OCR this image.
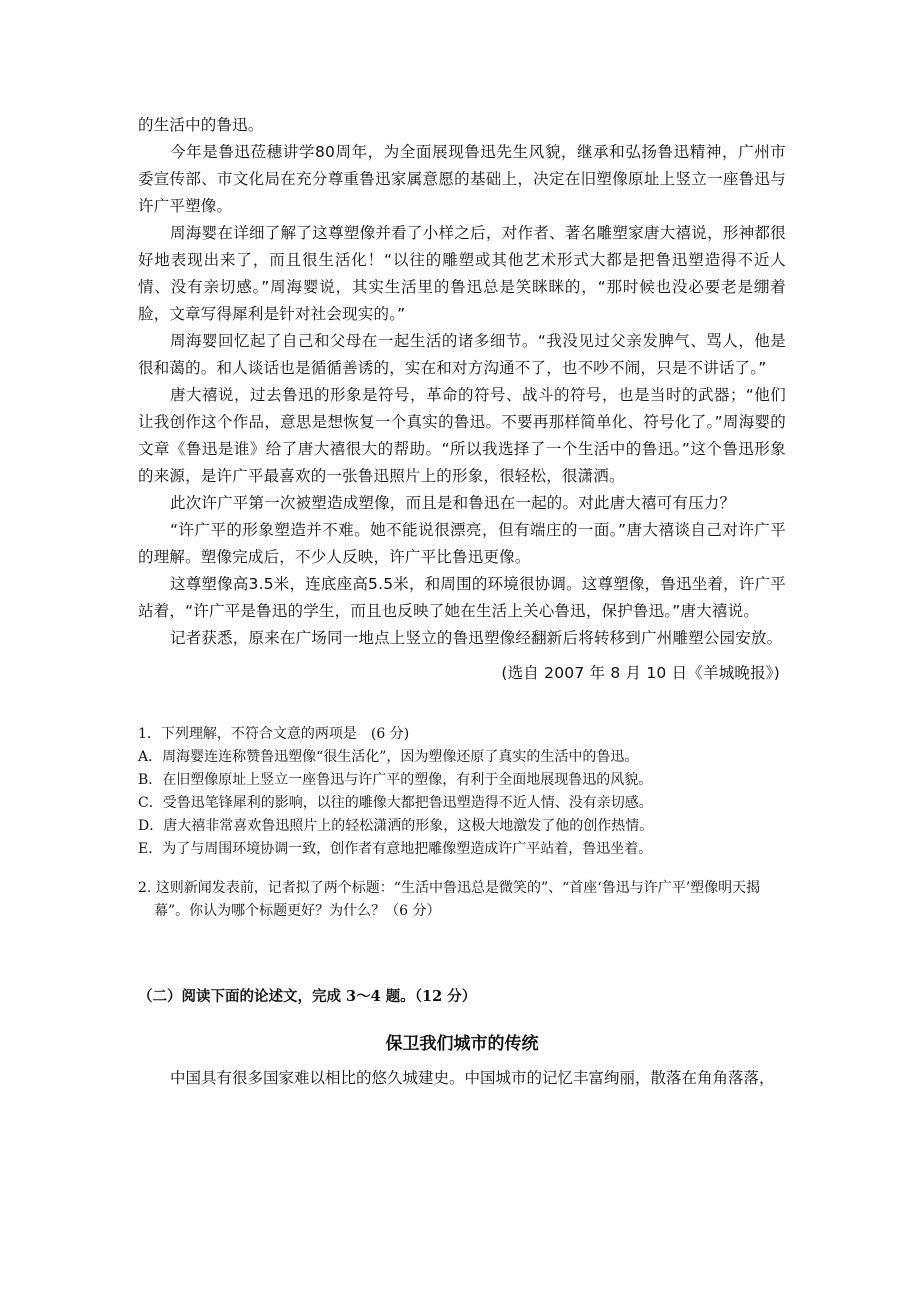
的生活中的鲁迅。

今年是鲁迅莅穗讲学80周年，为全面展现鲁迅先生风貌，继承和弘扬鲁迅精神，广州市委宣传部、市文化局在充分尊重鲁迅家属意愿的基础上，决定在旧塑像原址上竖立一座鲁迅与许广平塑像。

周海婴在详细了解了这尊塑像并看了小样之后，对作者、著名雕塑家唐大禧说，形神都很好地表现出来了，而且很生活化！“以往的雕塑或其他艺术形式大都是把鲁迅塑造得不近人情、没有亲切感。”周海婴说，其实生活里的鲁迅总是笑眯眯的，“那时候也没必要老是绷着脸，文章写得犀利是针对社会现实的。”

周海婴回忆起了自己和父母在一起生活的诸多细节。“我没见过父亲发脾气、骂人，他是很和蔼的。和人谈话也是循循善诱的，实在和对方沟通不了，也不吵不闹，只是不讲话了。”

唐大禧说，过去鲁迅的形象是符号，革命的符号、战斗的符号，也是当时的武器；“他们让我创作这个作品，意思是想恢复一个真实的鲁迅。不要再那样简单化、符号化了。”周海婴的文章《鲁迅是谁》给了唐大禧很大的帮助。“所以我选择了一个生活中的鲁迅。”这个鲁迅形象的来源，是许广平最喜欢的一张鲁迅照片上的形象，很轻松，很潇洒。

此次许广平第一次被塑造成塑像，而且是和鲁迅在一起的。对此唐大禧可有压力？

“许广平的形象塑造并不难。她不能说很漂亮，但有端庄的一面。”唐大禧谈自己对许广平的理解。塑像完成后，不少人反映，许广平比鲁迅更像。

这尊塑像高3.5米，连底座高5.5米，和周围的环境很协调。这尊塑像，鲁迅坐着，许广平站着，“许广平是鲁迅的学生，而且也反映了她在生活上关心鲁迅，保护鲁迅。”唐大禧说。

记者获悉，原来在广场同一地点上竖立的鲁迅塑像经翻新后将转移到广州雕塑公园安放。

(选自 2007 年 8 月 10 日《羊城晚报》)

1．下列理解，不符合文意的两项是　(6 分)

A．周海婴连连称赞鲁迅塑像“很生活化”，因为塑像还原了真实的生活中的鲁迅。

B．在旧塑像原址上竖立一座鲁迅与许广平的塑像，有利于全面地展现鲁迅的风貌。

C．受鲁迅笔锋犀利的影响，以往的雕像大都把鲁迅塑造得不近人情、没有亲切感。

D．唐大禧非常喜欢鲁迅照片上的轻松潇洒的形象，这极大地激发了他的创作热情。

E．为了与周围环境协调一致，创作者有意地把雕像塑造成许广平站着，鲁迅坐着。

2. 这则新闻发表前，记者拟了两个标题：“生活中鲁迅总是微笑的”、“首座‘鲁迅与许广平’塑像明天揭幕”。你认为哪个标题更好？为什么？（6 分）

（二）阅读下面的论述文，完成 3～4 题。（12 分）
保卫我们城市的传统
中国具有很多国家难以相比的悠久城建史。中国城市的记忆丰富绚丽，散落在角角落落，
